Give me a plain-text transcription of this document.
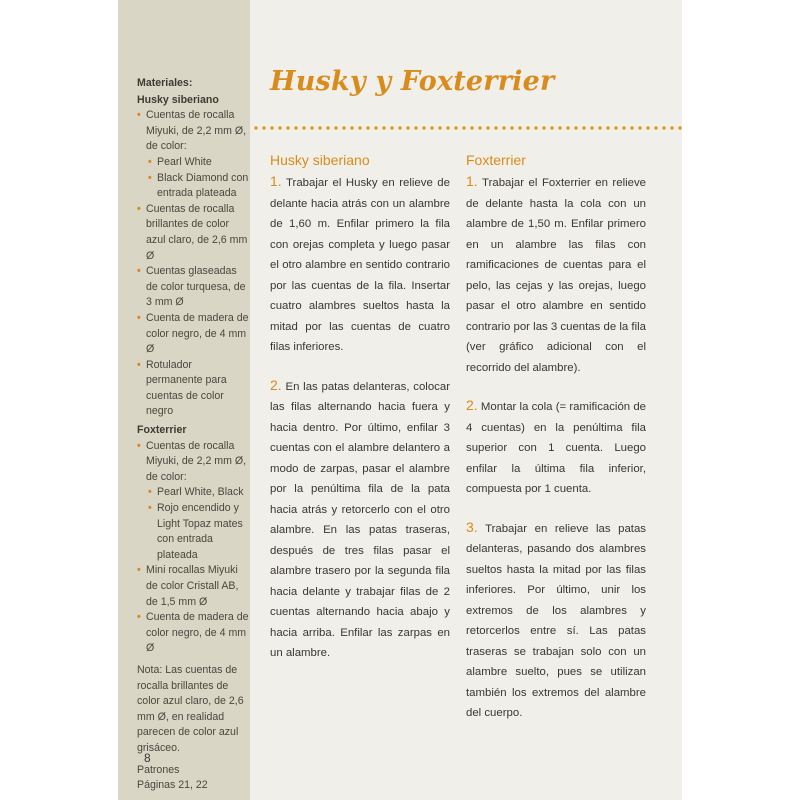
Materiales:
Husky siberiano
• Cuentas de rocalla Miyuki, de 2,2 mm Ø, de color:
• Pearl White
• Black Diamond con entrada plateada
• Cuentas de rocalla brillantes de color azul claro, de 2,6 mm Ø
• Cuentas glaseadas de color turquesa, de 3 mm Ø
• Cuenta de madera de color negro, de 4 mm Ø
• Rotulador permanente para cuentas de color negro
Foxterrier
• Cuentas de rocalla Miyuki, de 2,2 mm Ø, de color:
• Pearl White, Black
• Rojo encendido y Light Topaz mates con entrada plateada
• Mini rocallas Miyuki de color Cristall AB, de 1,5 mm Ø
• Cuenta de madera de color negro, de 4 mm Ø
Nota: Las cuentas de rocalla brillantes de color azul claro, de 2,6 mm Ø, en realidad parecen de color azul grisáceo.
Patrones
Páginas 21, 22
8
Husky y Foxterrier
Husky siberiano

1. Trabajar el Husky en relieve de delante hacia atrás con un alambre de 1,60 m. Enfilar primero la fila con orejas completa y luego pasar el otro alambre en sentido contrario por las cuentas de la fila. Insertar cuatro alambres sueltos hasta la mitad por las cuentas de cuatro filas inferiores.

2. En las patas delanteras, colocar las filas alternando hacia fuera y hacia dentro. Por último, enfilar 3 cuentas con el alambre delantero a modo de zarpas, pasar el alambre por la penúltima fila de la pata hacia atrás y retorcerlo con el otro alambre. En las patas traseras, después de tres filas pasar el alambre trasero por la segunda fila hacia delante y trabajar filas de 2 cuentas alternando hacia abajo y hacia arriba. Enfilar las zarpas en un alambre.

Foxterrier

1. Trabajar el Foxterrier en relieve de delante hasta la cola con un alambre de 1,50 m. Enfilar primero en un alambre las filas con ramificaciones de cuentas para el pelo, las cejas y las orejas, luego pasar el otro alambre en sentido contrario por las 3 cuentas de la fila (ver gráfico adicional con el recorrido del alambre).

2. Montar la cola (= ramificación de 4 cuentas) en la penúltima fila superior con 1 cuenta. Luego enfilar la última fila inferior, compuesta por 1 cuenta.

3. Trabajar en relieve las patas delanteras, pasando dos alambres sueltos hasta la mitad por las filas inferiores. Por último, unir los extremos de los alambres y retorcerlos entre sí. Las patas traseras se trabajan solo con un alambre suelto, pues se utilizan también los extremos del alambre del cuerpo.
